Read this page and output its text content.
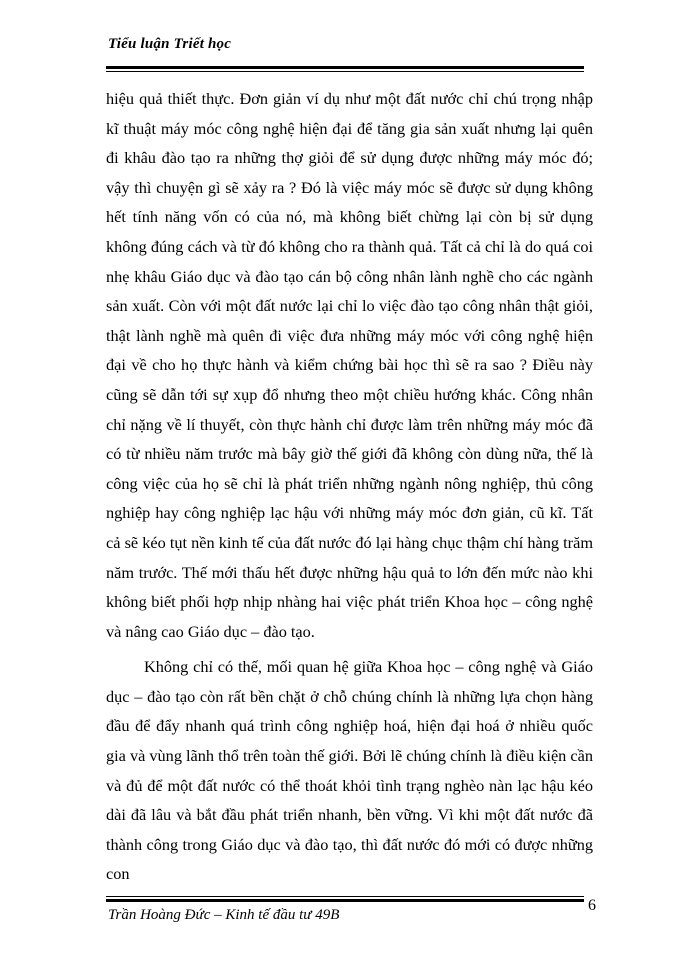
Tiểu luận Triết học

hiệu quả thiết thực. Đơn giản ví dụ như một đất nước chỉ chú trọng nhập kĩ thuật máy móc công nghệ hiện đại để tăng gia sản xuất nhưng lại quên đi khâu đào tạo ra những thợ giỏi để sử dụng được những máy móc đó; vậy thì chuyện gì sẽ xảy ra ? Đó là việc máy móc sẽ được sử dụng không hết tính năng vốn có của nó, mà không biết chừng lại còn bị sử dụng không đúng cách và từ đó không cho ra thành quả. Tất cả chỉ là do quá coi nhẹ khâu Giáo dục và đào tạo cán bộ công nhân lành nghề cho các ngành sản xuất. Còn với một đất nước lại chỉ lo việc đào tạo công nhân thật giỏi, thật lành nghề mà quên đi việc đưa những máy móc với công nghệ hiện đại về cho họ thực hành và kiểm chứng bài học thì sẽ ra sao ? Điều này cũng sẽ dẫn tới sự xụp đổ nhưng theo một chiều hướng khác. Công nhân chỉ nặng về lí thuyết, còn thực hành chỉ được làm trên những máy móc đã có từ nhiều năm trước mà bây giờ thế giới đã không còn dùng nữa, thế là công việc của họ sẽ chỉ là phát triển những ngành nông nghiệp, thủ công nghiệp hay công nghiệp lạc hậu với những máy móc đơn giản, cũ kĩ. Tất cả sẽ kéo tụt nền kinh tế của đất nước đó lại hàng chục thậm chí hàng trăm năm trước. Thế mới thấu hết được những hậu quả to lớn đến mức nào khi không biết phối hợp nhịp nhàng hai việc phát triển Khoa học – công nghệ và nâng cao Giáo dục – đào tạo.

Không chỉ có thế, mối quan hệ giữa Khoa học – công nghệ và Giáo dục – đào tạo còn rất bền chặt ở chỗ chúng chính là những lựa chọn hàng đầu để đẩy nhanh quá trình công nghiệp hoá, hiện đại hoá ở nhiều quốc gia và vùng lãnh thổ trên toàn thế giới. Bởi lẽ chúng chính là điều kiện cần và đủ để một đất nước có thể thoát khỏi tình trạng nghèo nàn lạc hậu kéo dài đã lâu và bắt đầu phát triển nhanh, bền vững. Vì khi một đất nước đã thành công trong Giáo dục và đào tạo, thì đất nước đó mới có được những con

Trần Hoàng Đức – Kinh tế đầu tư 49B
6
